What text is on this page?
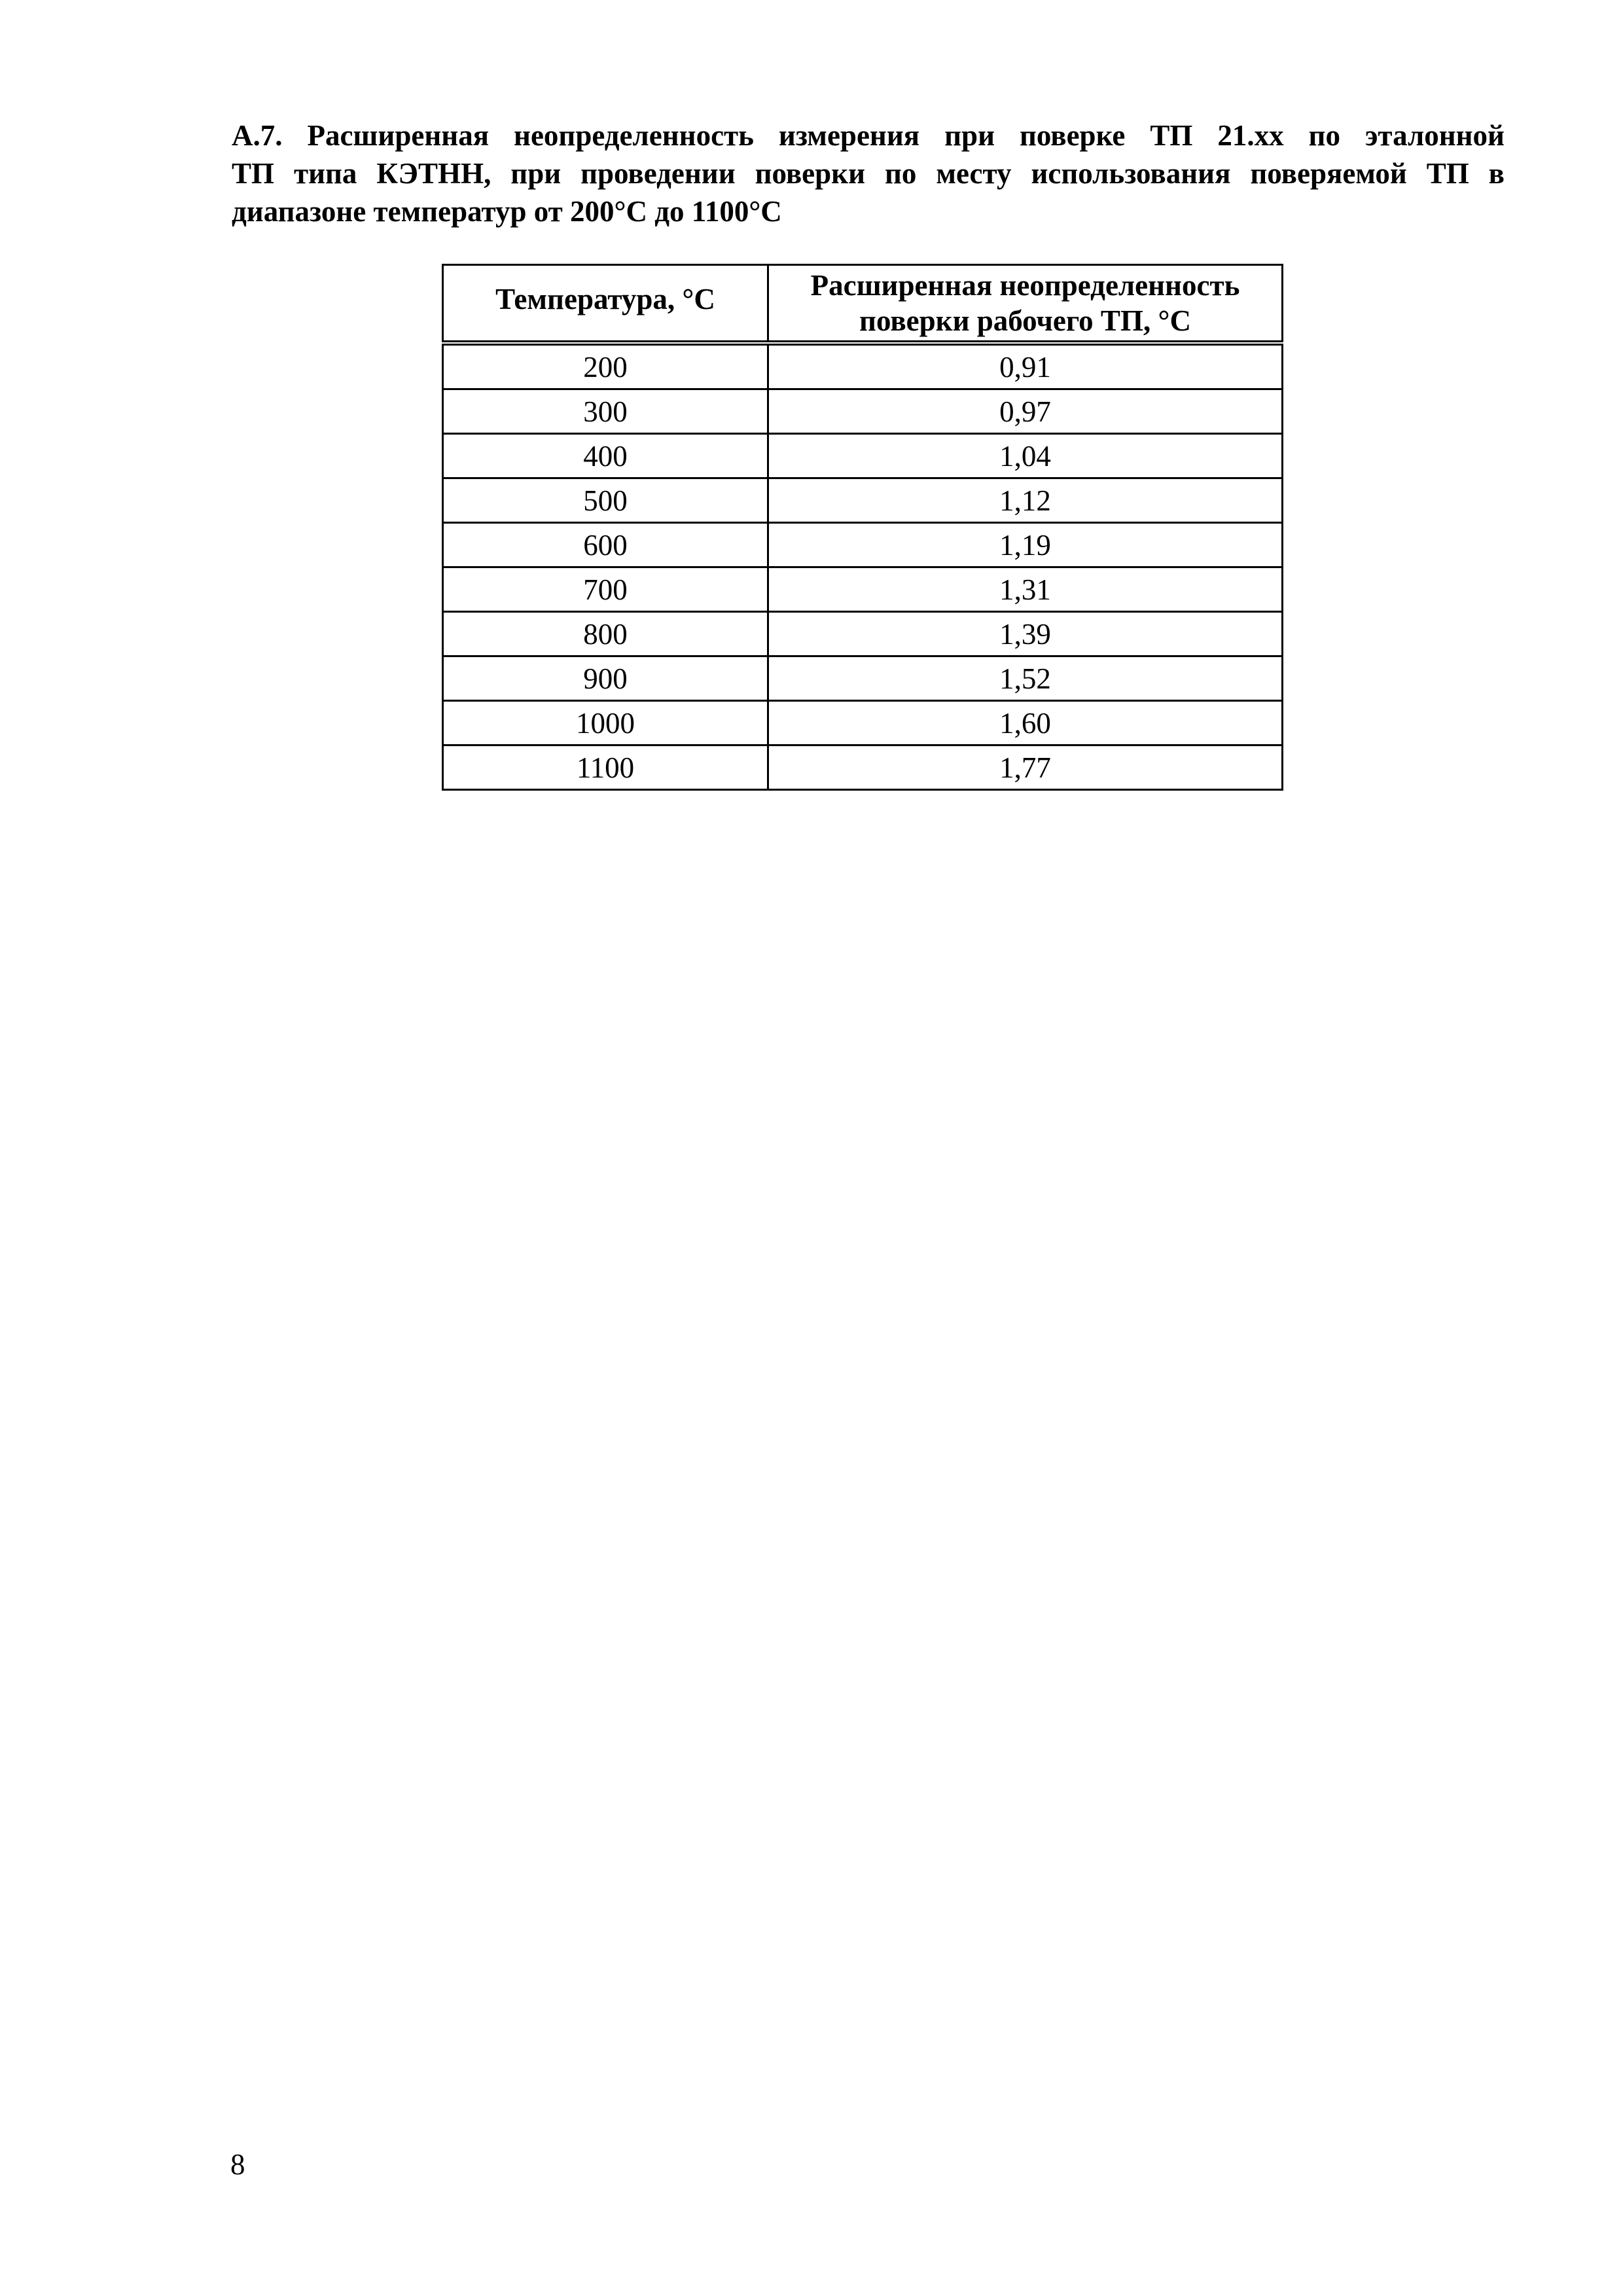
А.7. Расширенная неопределенность измерения при поверке ТП 21.xx по эталонной
ТП типа КЭТНН, при проведении поверки по месту использования поверяемой ТП в
диапазоне температур от 200°С до 1100°С
Температура, °С	Расширенная неопределенность поверки рабочего ТП, °С
200	0,91
300	0,97
400	1,04
500	1,12
600	1,19
700	1,31
800	1,39
900	1,52
1000	1,60
1100	1,77
8
